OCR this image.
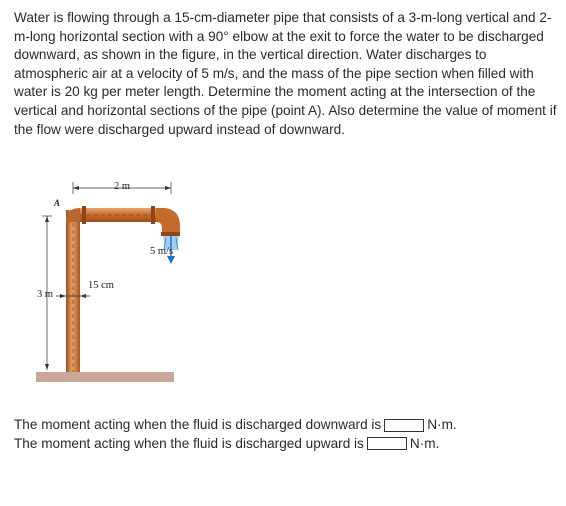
Water is flowing through a 15-cm-diameter pipe that consists of a 3-m-long vertical and 2-m-long horizontal section with a 90° elbow at the exit to force the water to be discharged downward, as shown in the figure, in the vertical direction. Water discharges to atmospheric air at a velocity of 5 m/s, and the mass of the pipe section when filled with water is 20 kg per meter length. Determine the moment acting at the intersection of the vertical and horizontal sections of the pipe (point A). Also determine the value of moment if the flow were discharged upward instead of downward.
2 m
A
5 m/s
15 cm
3 m
The moment acting when the fluid is discharged downward is	N·m.
The moment acting when the fluid is discharged upward is	N·m.
